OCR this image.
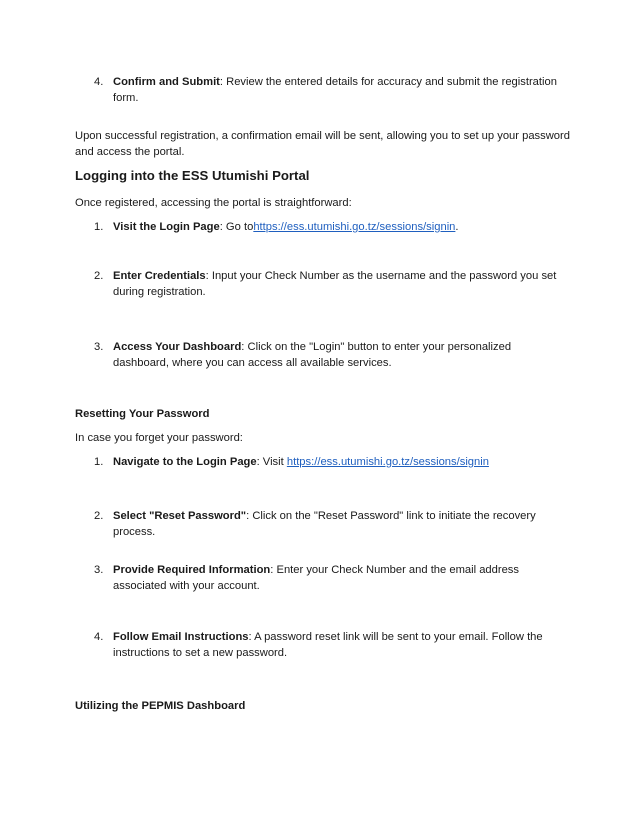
4. Confirm and Submit: Review the entered details for accuracy and submit the registration form.
Upon successful registration, a confirmation email will be sent, allowing you to set up your password and access the portal.
Logging into the ESS Utumishi Portal
Once registered, accessing the portal is straightforward:
1. Visit the Login Page: Go tohttps://ess.utumishi.go.tz/sessions/signin.
2. Enter Credentials: Input your Check Number as the username and the password you set during registration.
3. Access Your Dashboard: Click on the "Login" button to enter your personalized dashboard, where you can access all available services.
Resetting Your Password
In case you forget your password:
1. Navigate to the Login Page: Visit https://ess.utumishi.go.tz/sessions/signin
2. Select "Reset Password": Click on the "Reset Password" link to initiate the recovery process.
3. Provide Required Information: Enter your Check Number and the email address associated with your account.
4. Follow Email Instructions: A password reset link will be sent to your email. Follow the instructions to set a new password.
Utilizing the PEPMIS Dashboard
